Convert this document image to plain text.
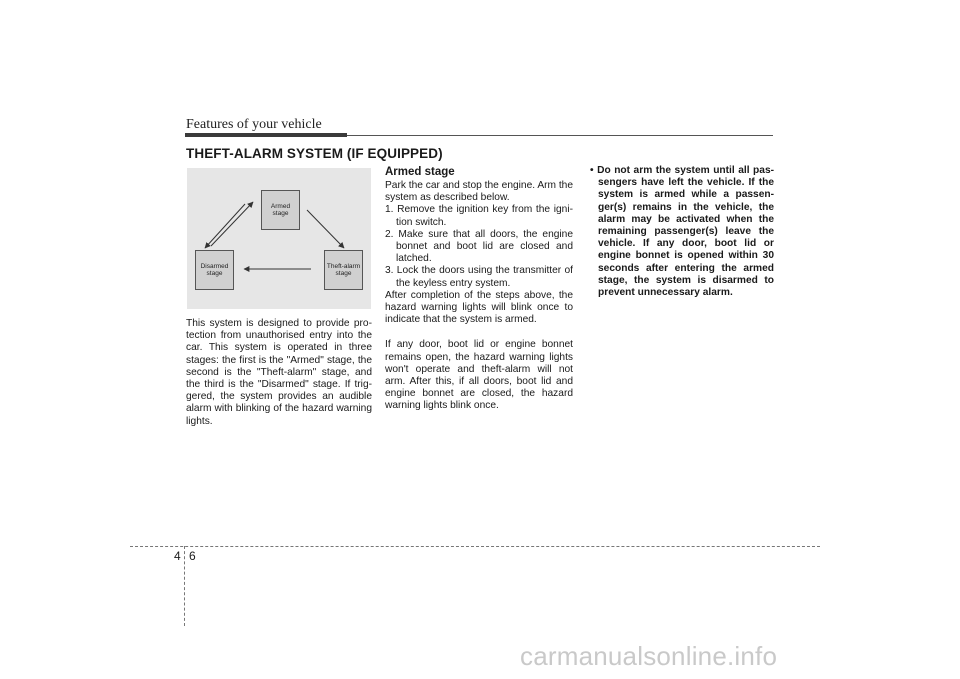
Features of your vehicle
THEFT-ALARM SYSTEM (IF EQUIPPED)
Armed
stage
Disarmed
stage
Theft-alarm
stage
This system is designed to provide pro-tection from unauthorised entry into the car. This system is operated in three stages: the first is the "Armed" stage, the second is the "Theft-alarm" stage, and the third is the "Disarmed" stage. If trig-gered, the system provides an audible alarm with blinking of the hazard warning lights.
Armed stage

Park the car and stop the engine. Arm the system as described below.

1. Remove the ignition key from the igni-tion switch.

2. Make sure that all doors, the engine bonnet and boot lid are closed and latched.

3. Lock the doors using the transmitter of the keyless entry system.

After completion of the steps above, the hazard warning lights will blink once to indicate that the system is armed.

If any door, boot lid or engine bonnet remains open, the hazard warning lights won't operate and theft-alarm will not arm. After this, if all doors, boot lid and engine bonnet are closed, the hazard warning lights blink once.

• Do not arm the system until all pas-sengers have left the vehicle. If the system is armed while a passen-ger(s) remains in the vehicle, the alarm may be activated when the remaining passenger(s) leave the vehicle. If any door, boot lid or engine bonnet is opened within 30 seconds after entering the armed stage, the system is disarmed to prevent unnecessary alarm.

4 6
carmanualsonline.info
